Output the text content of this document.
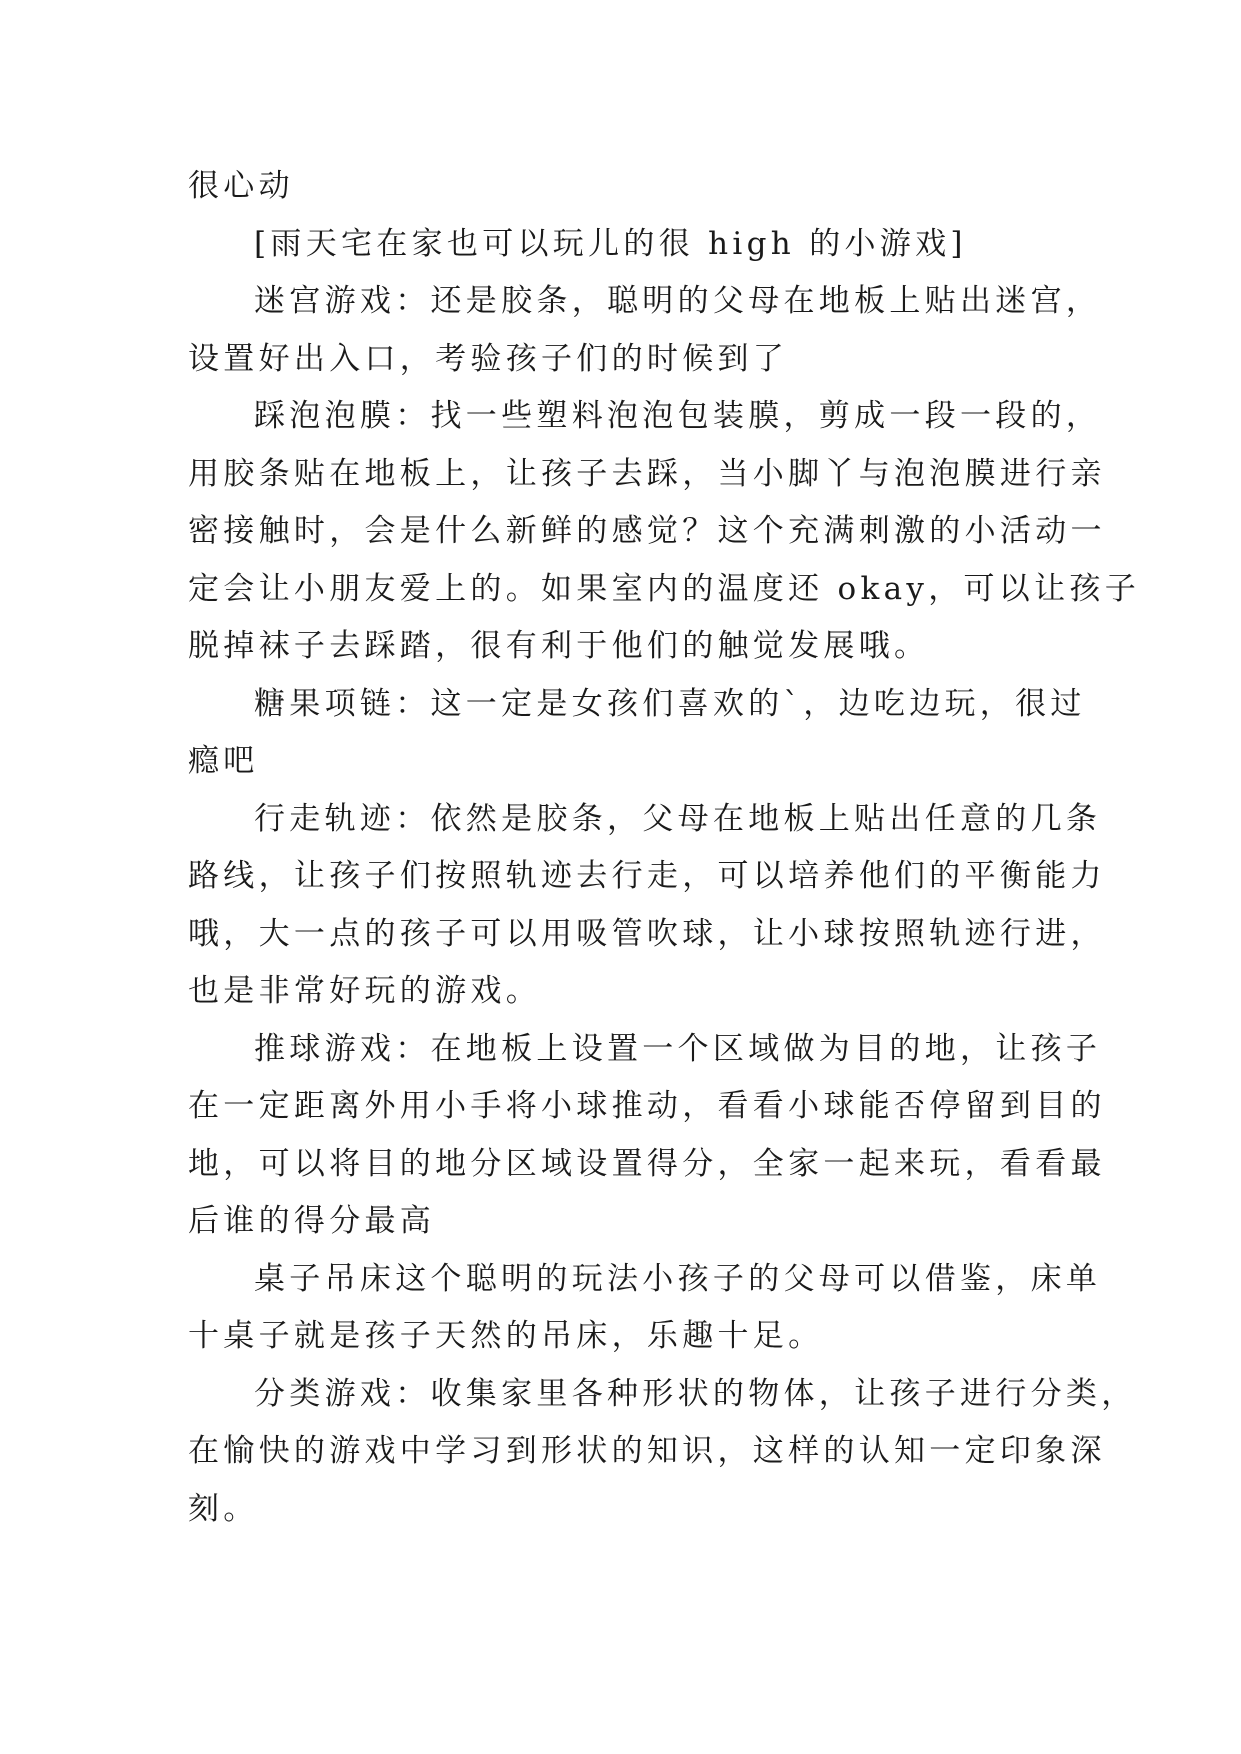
很心动

[雨天宅在家也可以玩儿的很 high 的小游戏]

迷宫游戏：还是胶条，聪明的父母在地板上贴出迷宫，
设置好出入口，考验孩子们的时候到了

踩泡泡膜：找一些塑料泡泡包装膜，剪成一段一段的，
用胶条贴在地板上，让孩子去踩，当小脚丫与泡泡膜进行亲
密接触时，会是什么新鲜的感觉？这个充满刺激的小活动一
定会让小朋友爱上的。如果室内的温度还 okay，可以让孩子
脱掉袜子去踩踏，很有利于他们的触觉发展哦。

糖果项链：这一定是女孩们喜欢的`，边吃边玩，很过
瘾吧

行走轨迹：依然是胶条，父母在地板上贴出任意的几条
路线，让孩子们按照轨迹去行走，可以培养他们的平衡能力
哦，大一点的孩子可以用吸管吹球，让小球按照轨迹行进，
也是非常好玩的游戏。

推球游戏：在地板上设置一个区域做为目的地，让孩子
在一定距离外用小手将小球推动，看看小球能否停留到目的
地，可以将目的地分区域设置得分，全家一起来玩，看看最
后谁的得分最高

桌子吊床这个聪明的玩法小孩子的父母可以借鉴，床单
十桌子就是孩子天然的吊床，乐趣十足。

分类游戏：收集家里各种形状的物体，让孩子进行分类，
在愉快的游戏中学习到形状的知识，这样的认知一定印象深
刻。
